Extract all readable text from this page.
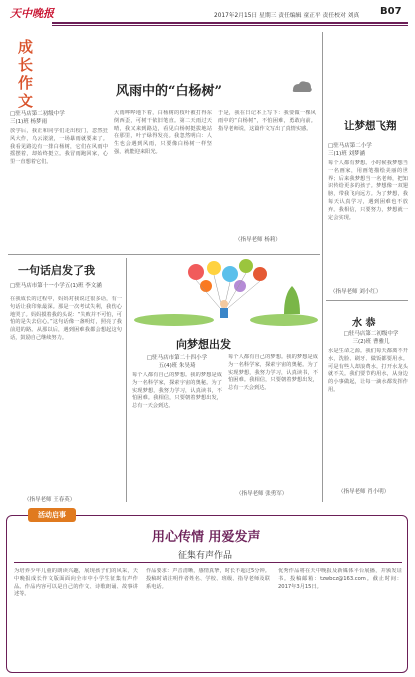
天中晚报	2017年2月15日 星期三 责任编辑 童正平 责任校对 刘真	B07
成长作文
风雨中的“白杨树”
□驻马店第二初级中学
三(1)班 杨梦雨
放学后，我正和同学们走出校门，忽然狂风大作，乌云滚滚，一场暴雨就要来了。我看见路边有一排白杨树，它们在风雨中摇摆着，却始终挺立。我冒雨跑回家，心里一直想着它们。
大雨哗哗地下着，白杨树的枝叶被打得东倒西歪，可树干依旧笔直。第二天雨过天晴，我又来到路边，看见白杨树挺拔地站在那里，叶子绿得发亮。我忽然明白：人生也会遇到风雨，只要像白杨树一样坚强，就能迎来阳光。
于是，我在日记本上写下：我要做一棵风雨中的“白杨树”，不怕困难，勇敢向前。指导老师说，这篇作文写出了真情实感。
（指导老师 杨莉）
让梦想飞翔
□驻马店第二小学
三(1)班 刘梦涵
每个人都有梦想。小时候我梦想当一名画家，用画笔描绘美丽的世界；后来我梦想当一名老师，把知识传给更多的孩子。梦想像一双翅膀，带我飞向远方。为了梦想，我每天认真学习，遇到困难也不放弃。我相信，只要努力，梦想就一定会实现。
（指导老师 刘小红）
水 恭
□驻马店第二初级中学
三(2)班 曹雅儿
水是生命之源。我们每天都离不开水，洗脸、刷牙、做饭都要用水。可是有些人却浪费水，打开水龙头就不关。我们要节约用水，从身边的小事做起，让每一滴水都发挥作用。
（指导老师 肖小明）
一句话启发了我
□驻马店市第十一小学五(1)班 李文涵
在我成长的过程中，妈妈对我说过很多话，有一句话让我印象最深。那是一次考试失利，我伤心地哭了。妈妈摸着我的头说：“失败并不可怕，可怕的是失去信心。”这句话像一盏明灯，照亮了我前进的路。从那以后，遇到困难我都会想起这句话，鼓励自己继续努力。
（指导老师 王春英）
向梦想出发
□驻马店市第二十四小学
五(4)班 朱昊琦
每个人都有自己的梦想。我的梦想是成为一名科学家，探索宇宙的奥秘。为了实现梦想，我努力学习，认真读书，不怕困难。我相信，只要朝着梦想出发，总有一天会到达。
每个人都有自己的梦想。我的梦想是成为一名科学家，探索宇宙的奥秘。为了实现梦想，我努力学习，认真读书，不怕困难。我相信，只要朝着梦想出发，总有一天会到达。
（指导老师 张勇军）
活动启事
用心传情 用爱发声
征集有声作品
为培养少年儿童的朗读兴趣，展现孩子们的风采，天中晚报成长作文版面面向全市中小学生征集有声作品。作品内容可以是自己的作文、诗歌朗诵、故事讲述等。
作品要求：声音清晰，感情真挚，时长不超过5分钟。投稿时请注明作者姓名、学校、班级、指导老师及联系电话。
优秀作品将在天中晚报及新媒体平台展播，并颁发证书。投稿邮箱：tzwbcz@163.com。截止时间：2017年3月15日。
